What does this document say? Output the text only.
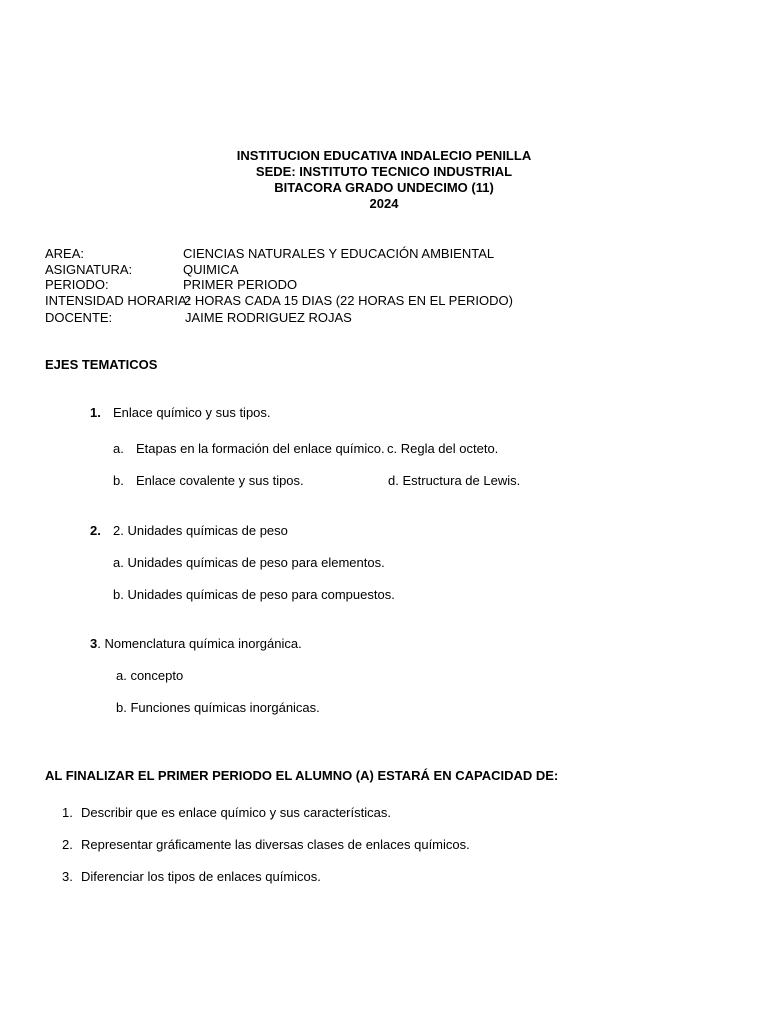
INSTITUCION EDUCATIVA INDALECIO PENILLA
SEDE: INSTITUTO TECNICO INDUSTRIAL
BITACORA GRADO UNDECIMO (11)
2024
AREA:	CIENCIAS NATURALES Y EDUCACIÓN AMBIENTAL
ASIGNATURA:	QUIMICA
PERIODO:	PRIMER PERIODO
INTENSIDAD HORARIA:
2 HORAS CADA 15 DIAS (22 HORAS EN EL PERIODO)
DOCENTE:	JAIME RODRIGUEZ ROJAS
EJES TEMATICOS
1. Enlace químico y sus tipos.
a. Etapas en la formación del enlace químico. c. Regla del octeto.
b. Enlace covalente y sus tipos.	d. Estructura de Lewis.
2. 2. Unidades químicas de peso
a. Unidades químicas de peso para elementos.
b. Unidades químicas de peso para compuestos.
3. Nomenclatura química inorgánica.
a. concepto
b. Funciones químicas inorgánicas.
AL FINALIZAR EL PRIMER PERIODO EL ALUMNO (A) ESTARÁ EN CAPACIDAD DE:
1. Describir que es enlace químico y sus características.
2. Representar gráficamente las diversas clases de enlaces químicos.
3. Diferenciar los tipos de enlaces químicos.
